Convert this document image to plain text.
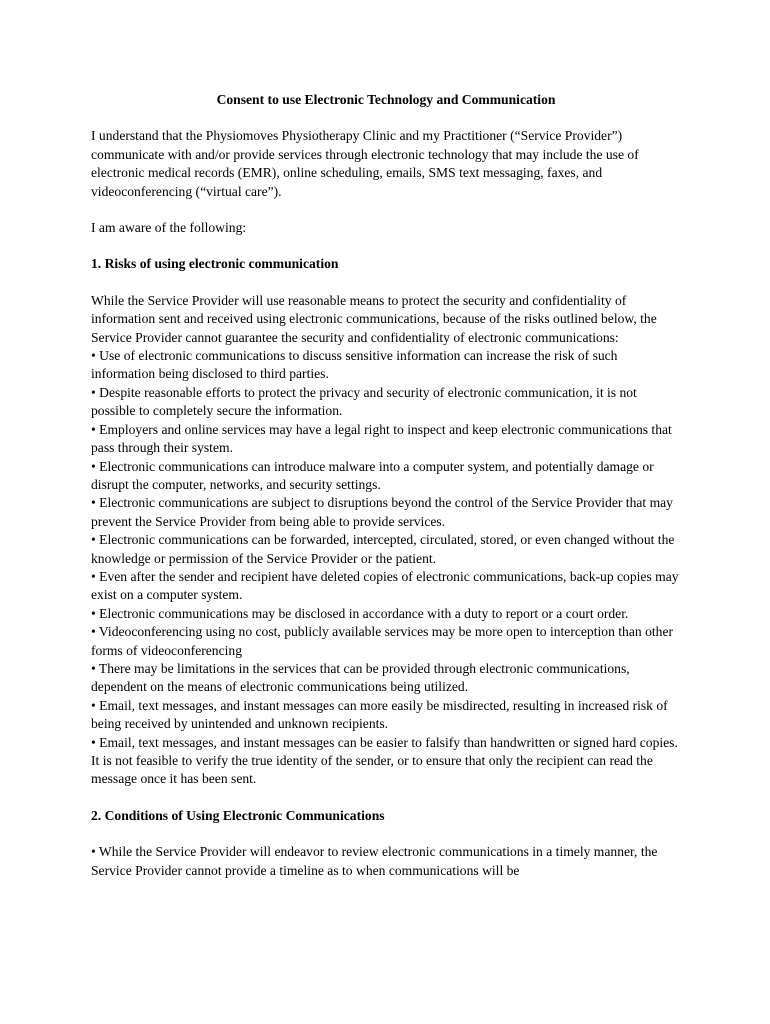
Consent to use Electronic Technology and Communication

I understand that the Physiomoves Physiotherapy Clinic and my Practitioner (“Service Provider”) communicate with and/or provide services through electronic technology that may include the use of electronic medical records (EMR), online scheduling, emails, SMS text messaging, faxes, and videoconferencing (“virtual care”).

I am aware of the following:

1. Risks of using electronic communication

While the Service Provider will use reasonable means to protect the security and confidentiality of information sent and received using electronic communications, because of the risks outlined below, the Service Provider cannot guarantee the security and confidentiality of electronic communications:

• Use of electronic communications to discuss sensitive information can increase the risk of such information being disclosed to third parties.
• Despite reasonable efforts to protect the privacy and security of electronic communication, it is not possible to completely secure the information.
• Employers and online services may have a legal right to inspect and keep electronic communications that pass through their system.
• Electronic communications can introduce malware into a computer system, and potentially damage or disrupt the computer, networks, and security settings.
• Electronic communications are subject to disruptions beyond the control of the Service Provider that may prevent the Service Provider from being able to provide services.
• Electronic communications can be forwarded, intercepted, circulated, stored, or even changed without the knowledge or permission of the Service Provider or the patient.
• Even after the sender and recipient have deleted copies of electronic communications, back-up copies may exist on a computer system.
• Electronic communications may be disclosed in accordance with a duty to report or a court order.
• Videoconferencing using no cost, publicly available services may be more open to interception than other forms of videoconferencing
• There may be limitations in the services that can be provided through electronic communications, dependent on the means of electronic communications being utilized.
• Email, text messages, and instant messages can more easily be misdirected, resulting in increased risk of being received by unintended and unknown recipients.
• Email, text messages, and instant messages can be easier to falsify than handwritten or signed hard copies. It is not feasible to verify the true identity of the sender, or to ensure that only the recipient can read the message once it has been sent.

2. Conditions of Using Electronic Communications

• While the Service Provider will endeavor to review electronic communications in a timely manner, the Service Provider cannot provide a timeline as to when communications will be
